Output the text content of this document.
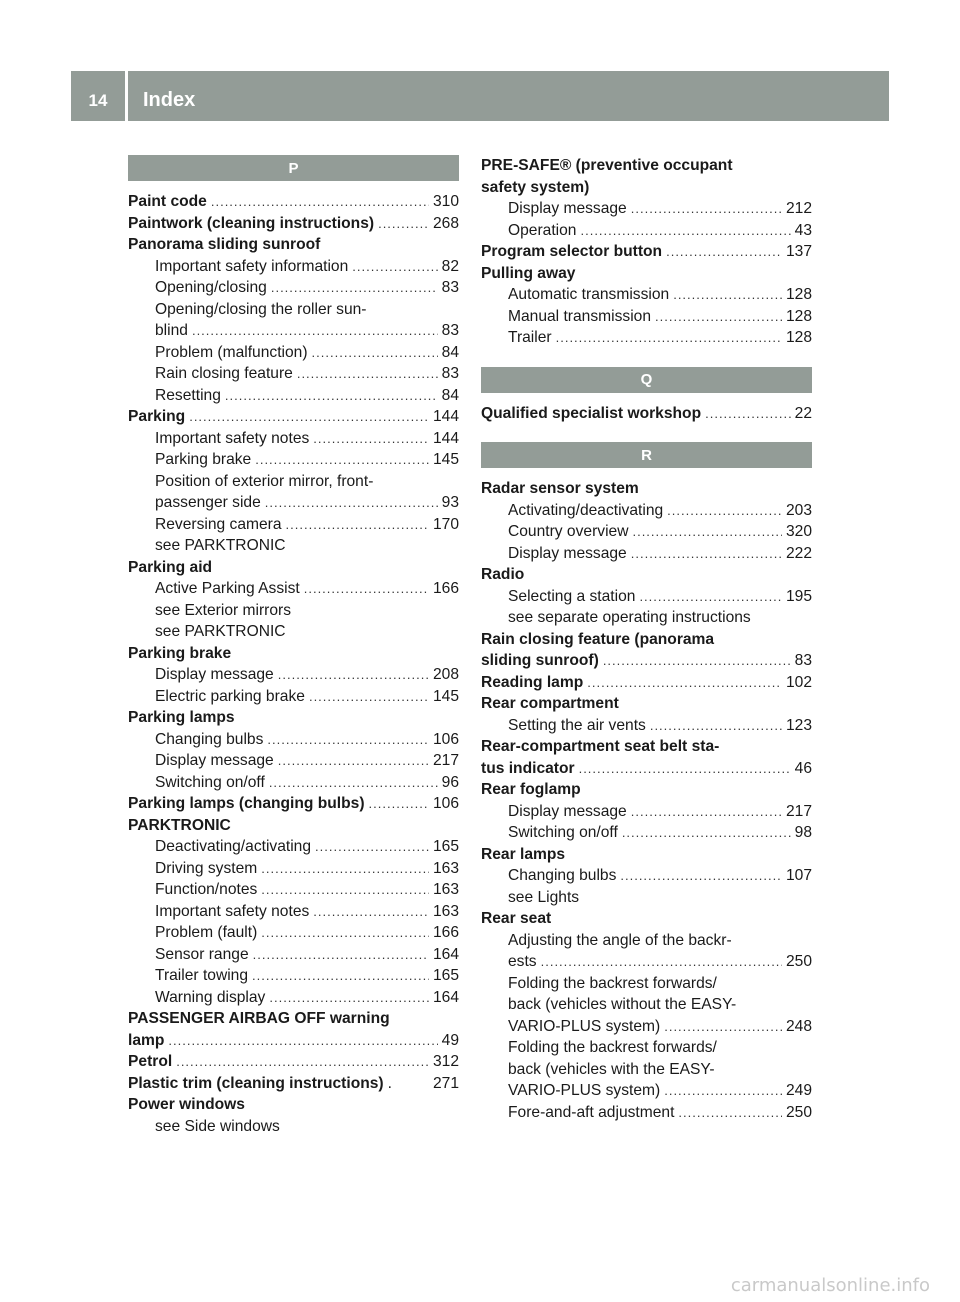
14	Index
P
Paint code .....	310
Paintwork (cleaning instructions) .....	268
Panorama sliding sunroof
Important safety information .....	82
Opening/closing .....	83
Opening/closing the roller sun-
blind .....	83
Problem (malfunction) .....	84
Rain closing feature .....	83
Resetting .....	84
Parking .....	144
Important safety notes .....	144
Parking brake .....	145
Position of exterior mirror, front-
passenger side .....	93
Reversing camera .....	170
see PARKTRONIC
Parking aid
Active Parking Assist .....	166
see Exterior mirrors
see PARKTRONIC
Parking brake
Display message .....	208
Electric parking brake .....	145
Parking lamps
Changing bulbs .....	106
Display message .....	217
Switching on/off .....	96
Parking lamps (changing bulbs) .....	106
PARKTRONIC
Deactivating/activating .....	165
Driving system .....	163
Function/notes .....	163
Important safety notes .....	163
Problem (fault) .....	166
Sensor range .....	164
Trailer towing .....	165
Warning display .....	164
PASSENGER AIRBAG OFF warning
lamp .....	49
Petrol .....	312
Plastic trim (cleaning instructions) .	271
Power windows
see Side windows
PRE-SAFE® (preventive occupant
safety system)
Display message .....	212
Operation .....	43
Program selector button .....	137
Pulling away
Automatic transmission .....	128
Manual transmission .....	128
Trailer .....	128
Q
Qualified specialist workshop .....	22
R
Radar sensor system
Activating/deactivating .....	203
Country overview .....	320
Display message .....	222
Radio
Selecting a station .....	195
see separate operating instructions
Rain closing feature (panorama
sliding sunroof) .....	83
Reading lamp .....	102
Rear compartment
Setting the air vents .....	123
Rear-compartment seat belt sta-
tus indicator .....	46
Rear foglamp
Display message .....	217
Switching on/off .....	98
Rear lamps
Changing bulbs .....	107
see Lights
Rear seat
Adjusting the angle of the backr-
ests .....	250
Folding the backrest forwards/
back (vehicles without the EASY-
VARIO-PLUS system) .....	248
Folding the backrest forwards/
back (vehicles with the EASY-
VARIO-PLUS system) .....	249
Fore-and-aft adjustment .....	250
carmanualsonline.info
